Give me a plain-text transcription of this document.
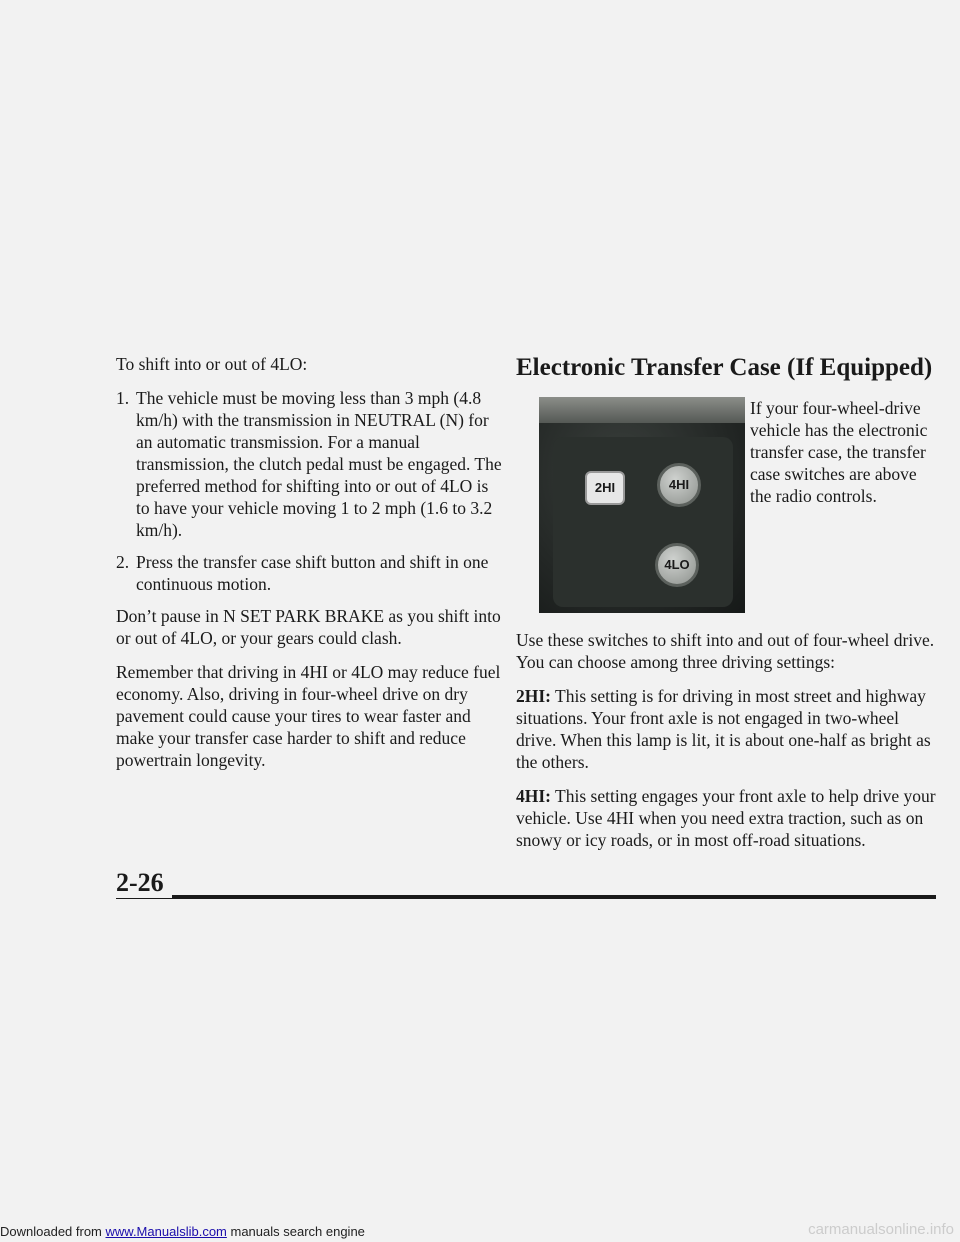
To shift into or out of 4LO:

1. The vehicle must be moving less than 3 mph (4.8 km/h) with the transmission in NEUTRAL (N) for an automatic transmission. For a manual transmission, the clutch pedal must be engaged. The preferred method for shifting into or out of 4LO is to have your vehicle moving 1 to 2 mph (1.6 to 3.2 km/h).
2. Press the transfer case shift button and shift in one continuous motion.

Don’t pause in N SET PARK BRAKE as you shift into or out of 4LO, or your gears could clash.

Remember that driving in 4HI or 4LO may reduce fuel economy. Also, driving in four-wheel drive on dry pavement could cause your tires to wear faster and make your transfer case harder to shift and reduce powertrain longevity.

Electronic Transfer Case (If Equipped)
2HI	4HI
4LO
If your four-wheel-drive vehicle has the electronic transfer case, the transfer case switches are above the radio controls.

Use these switches to shift into and out of four-wheel drive. You can choose among three driving settings:

2HI: This setting is for driving in most street and highway situations. Your front axle is not engaged in two-wheel drive. When this lamp is lit, it is about one-half as bright as the others.

4HI: This setting engages your front axle to help drive your vehicle. Use 4HI when you need extra traction, such as on snowy or icy roads, or in most off-road situations.

2-26
Downloaded from www.Manualslib.com manuals search engine	carmanualsonline.info
